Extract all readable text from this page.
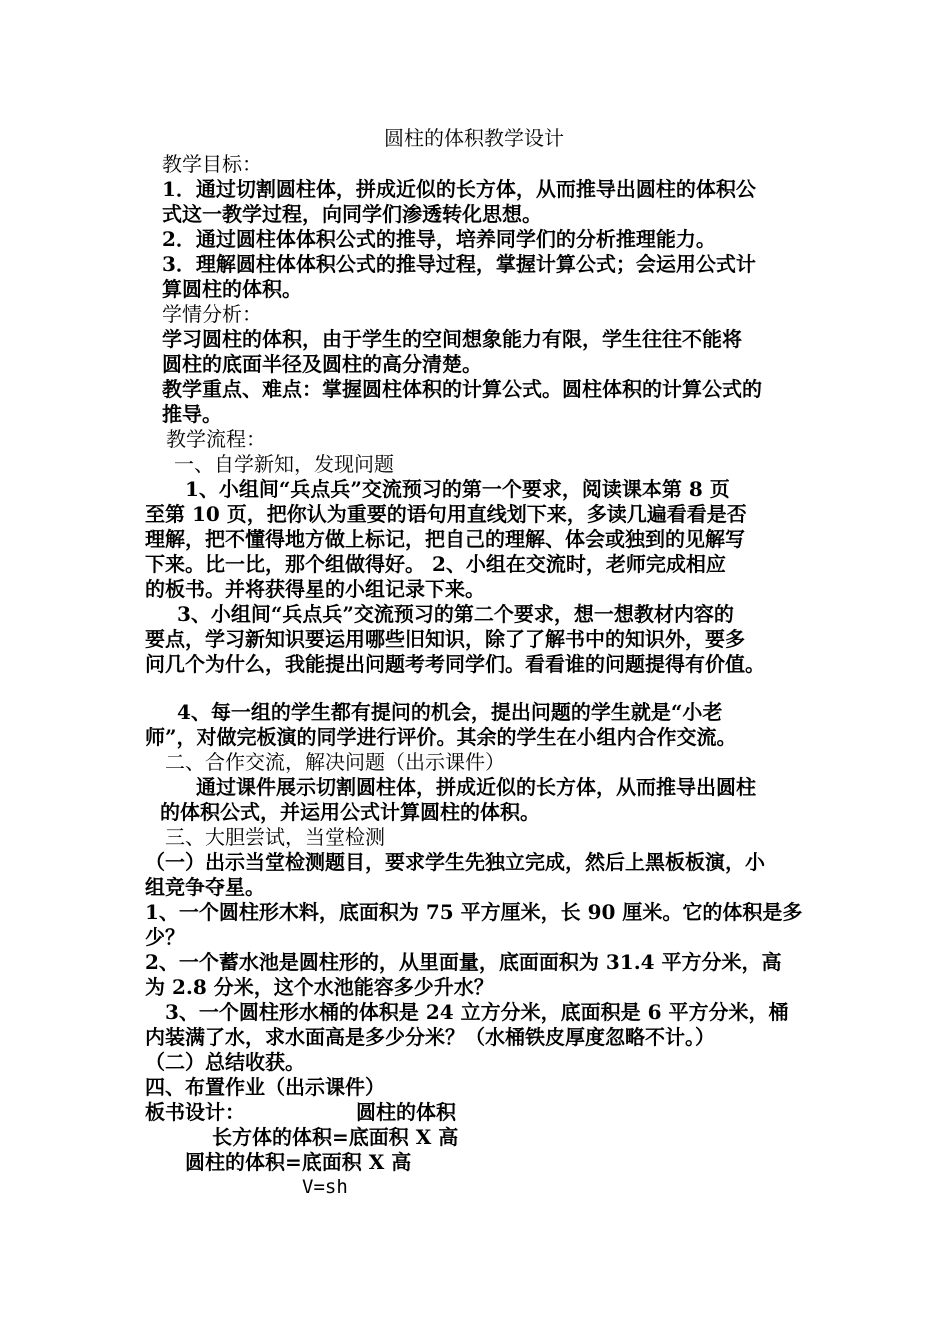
圆柱的体积教学设计
教学目标：
1．通过切割圆柱体，拼成近似的长方体，从而推导出圆柱的体积公
式这一教学过程，向同学们渗透转化思想。
2．通过圆柱体体积公式的推导，培养同学们的分析推理能力。
3．理解圆柱体体积公式的推导过程，掌握计算公式；会运用公式计
算圆柱的体积。
学情分析：
学习圆柱的体积，由于学生的空间想象能力有限，学生往往不能将
圆柱的底面半径及圆柱的高分清楚。
教学重点、难点：掌握圆柱体积的计算公式。圆柱体积的计算公式的
推导。
教学流程：
一、自学新知，发现问题
1、小组间“兵点兵”交流预习的第一个要求，阅读课本第 8 页
至第 10 页，把你认为重要的语句用直线划下来，多读几遍看看是否
理解，把不懂得地方做上标记，把自己的理解、体会或独到的见解写
下来。比一比，那个组做得好。 2、小组在交流时，老师完成相应
的板书。并将获得星的小组记录下来。
3、小组间“兵点兵”交流预习的第二个要求，想一想教材内容的
要点，学习新知识要运用哪些旧知识，除了了解书中的知识外，要多
问几个为什么，我能提出问题考考同学们。看看谁的问题提得有价值。
4、每一组的学生都有提问的机会，提出问题的学生就是“小老
师”，对做完板演的同学进行评价。其余的学生在小组内合作交流。
二、合作交流，解决问题（出示课件）
通过课件展示切割圆柱体，拼成近似的长方体，从而推导出圆柱
的体积公式，并运用公式计算圆柱的体积。
三、大胆尝试，当堂检测
（一）出示当堂检测题目，要求学生先独立完成，然后上黑板板演，小
组竞争夺星。
1、一个圆柱形木料，底面积为 75 平方厘米，长 90 厘米。它的体积是多
少？
2、一个蓄水池是圆柱形的，从里面量，底面面积为 31.4 平方分米，高
为 2.8 分米，这个水池能容多少升水？
3、一个圆柱形水桶的体积是 24 立方分米，底面积是 6 平方分米，桶
内装满了水，求水面高是多少分米？（水桶铁皮厚度忽略不计。）
（二）总结收获。
四、布置作业（出示课件）
板书设计：	圆柱的体积
长方体的体积=底面积 X 高
圆柱的体积=底面积 X 高
V=sh
